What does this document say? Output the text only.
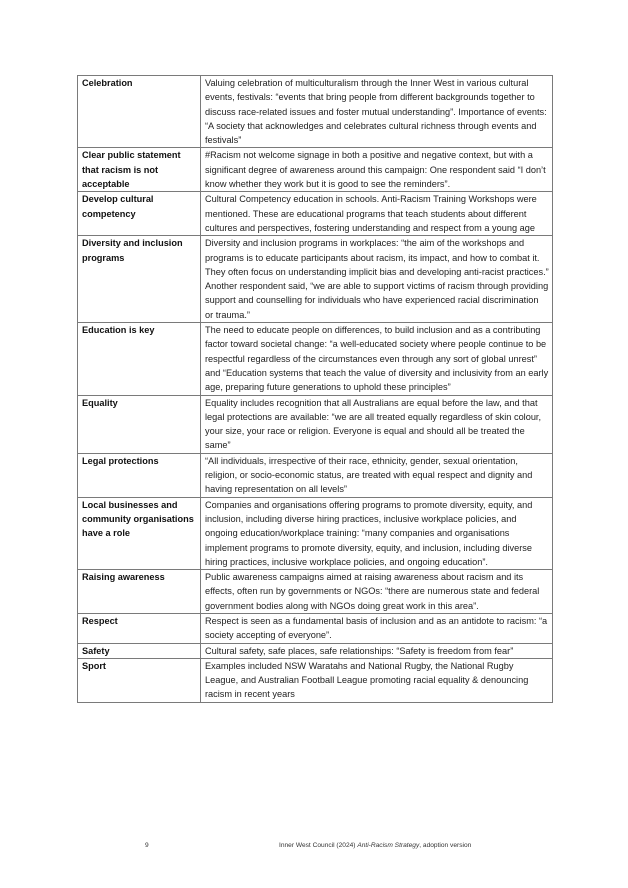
Celebration	Valuing celebration of multiculturalism through the Inner West in various cultural events, festivals: “events that bring people from different backgrounds together to discuss race-related issues and foster mutual understanding”. Importance of events: “A society that acknowledges and celebrates cultural richness through events and festivals”
Clear public statement that racism is not acceptable	#Racism not welcome signage in both a positive and negative context, but with a significant degree of awareness around this campaign: One respondent said “I don’t know whether they work but it is good to see the reminders”.
Develop cultural competency	Cultural Competency education in schools. Anti-Racism Training Workshops were mentioned. These are educational programs that teach students about different cultures and perspectives, fostering understanding and respect from a young age
Diversity and inclusion programs	Diversity and inclusion programs in workplaces: “the aim of the workshops and programs is to educate participants about racism, its impact, and how to combat it. They often focus on understanding implicit bias and developing anti-racist practices.” Another respondent said, “we are able to support victims of racism through providing support and counselling for individuals who have experienced racial discrimination or trauma.”
Education is key	The need to educate people on differences, to build inclusion and as a contributing factor toward societal change: “a well-educated society where people continue to be respectful regardless of the circumstances even through any sort of global unrest” and “Education systems that teach the value of diversity and inclusivity from an early age, preparing future generations to uphold these principles”
Equality	Equality includes recognition that all Australians are equal before the law, and that legal protections are available: “we are all treated equally regardless of skin colour, your size, your race or religion. Everyone is equal and should all be treated the same”
Legal protections	“All individuals, irrespective of their race, ethnicity, gender, sexual orientation, religion, or socio-economic status, are treated with equal respect and dignity and having representation on all levels”
Local businesses and community organisations have a role	Companies and organisations offering programs to promote diversity, equity, and inclusion, including diverse hiring practices, inclusive workplace policies, and ongoing education/workplace training: “many companies and organisations implement programs to promote diversity, equity, and inclusion, including diverse hiring practices, inclusive workplace policies, and ongoing education”.
Raising awareness	Public awareness campaigns aimed at raising awareness about racism and its effects, often run by governments or NGOs: “there are numerous state and federal government bodies along with NGOs doing great work in this area”.
Respect	Respect is seen as a fundamental basis of inclusion and as an antidote to racism: “a society accepting of everyone”.
Safety	Cultural safety, safe places, safe relationships: “Safety is freedom from fear”
Sport	Examples included NSW Waratahs and National Rugby, the National Rugby League, and Australian Football League promoting racial equality & denouncing racism in recent years
9	Inner West Council (2024) Anti-Racism Strategy, adoption version
